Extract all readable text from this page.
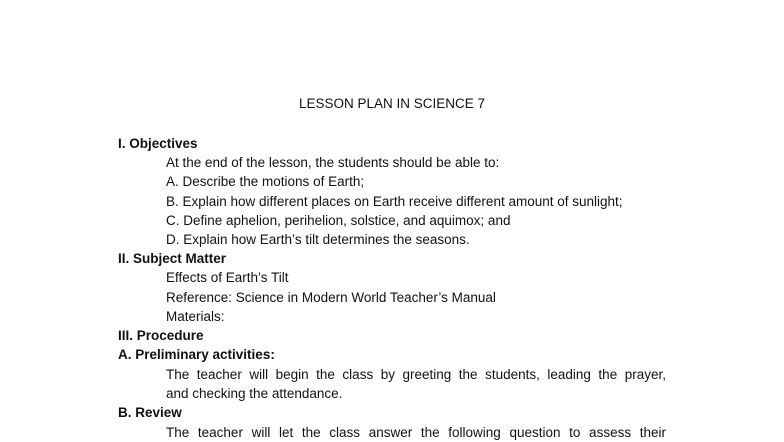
LESSON PLAN IN SCIENCE 7
I. Objectives
At the end of the lesson, the students should be able to:
A. Describe the motions of Earth;
B. Explain how different places on Earth receive different amount of sunlight;
C. Define aphelion, perihelion, solstice, and aquimox; and
D. Explain how Earth’s tilt determines the seasons.
II. Subject Matter
Effects of Earth’s Tilt
Reference: Science in Modern World Teacher’s Manual
Materials:
III. Procedure
A. Preliminary activities:
The teacher will begin the class by greeting the students, leading the prayer,
and checking the attendance.
B. Review
The teacher will let the class answer the following question to assess their
